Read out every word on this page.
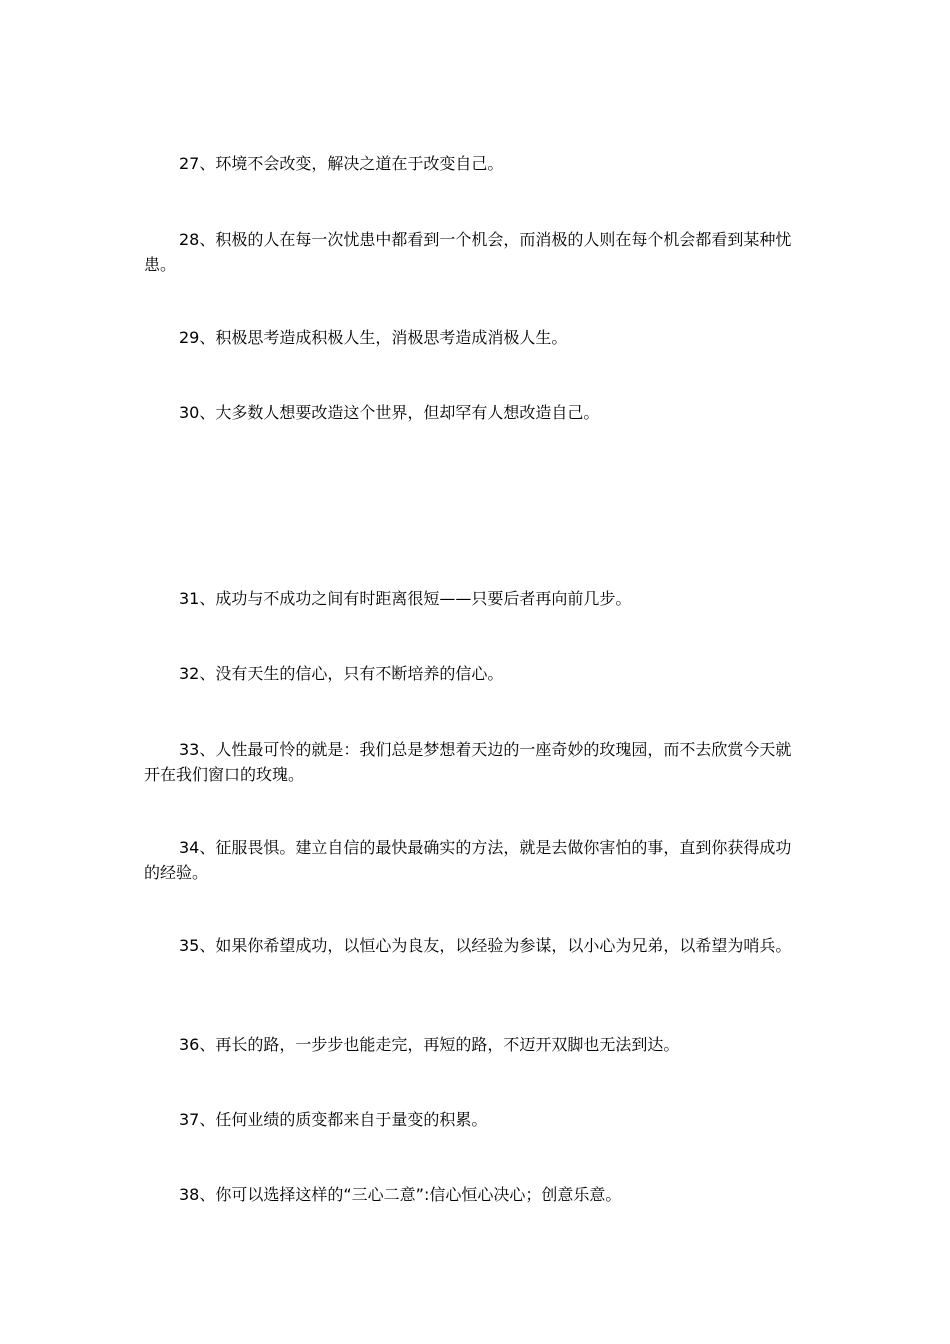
27、环境不会改变，解决之道在于改变自己。

28、积极的人在每一次忧患中都看到一个机会，而消极的人则在每个机会都看到某种忧患。

29、积极思考造成积极人生，消极思考造成消极人生。

30、大多数人想要改造这个世界，但却罕有人想改造自己。

31、成功与不成功之间有时距离很短——只要后者再向前几步。

32、没有天生的信心，只有不断培养的信心。

33、人性最可怜的就是：我们总是梦想着天边的一座奇妙的玫瑰园，而不去欣赏今天就开在我们窗口的玫瑰。

34、征服畏惧。建立自信的最快最确实的方法，就是去做你害怕的事，直到你获得成功的经验。

35、如果你希望成功，以恒心为良友，以经验为参谋，以小心为兄弟，以希望为哨兵。

36、再长的路，一步步也能走完，再短的路，不迈开双脚也无法到达。

37、任何业绩的质变都来自于量变的积累。

38、你可以选择这样的“三心二意”:信心恒心决心；创意乐意。
